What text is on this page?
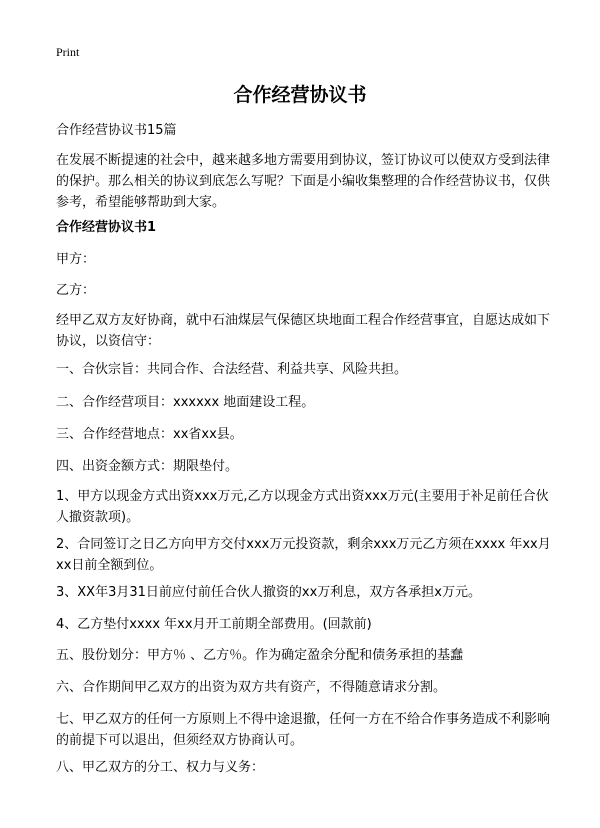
Print
合作经营协议书

合作经营协议书15篇

在发展不断提速的社会中，越来越多地方需要用到协议，签订协议可以使双方受到法律的保护。那么相关的协议到底怎么写呢？下面是小编收集整理的合作经营协议书，仅供参考，希望能够帮助到大家。

合作经营协议书1

甲方：

乙方：

经甲乙双方友好协商，就中石油煤层气保德区块地面工程合作经营事宜，自愿达成如下协议，以资信守：

一、合伙宗旨：共同合作、合法经营、利益共享、风险共担。

二、合作经营项目：xxxxxx 地面建设工程。

三、合作经营地点：xx省xx县。

四、出资金额方式：期限垫付。

1、甲方以现金方式出资xxx万元,乙方以现金方式出资xxx万元(主要用于补足前任合伙人撤资款项)。

2、合同签订之日乙方向甲方交付xxx万元投资款，剩余xxx万元乙方须在xxxx 年xx月xx日前全额到位。

3、XX年3月31日前应付前任合伙人撤资的xx万利息，双方各承担x万元。

4、乙方垫付xxxx 年xx月开工前期全部费用。(回款前)

五、股份划分：甲方％ 、乙方％。作为确定盈余分配和债务承担的基蠢

六、合作期间甲乙双方的出资为双方共有资产，不得随意请求分割。

七、甲乙双方的任何一方原则上不得中途退撤，任何一方在不给合作事务造成不利影响的前提下可以退出，但须经双方协商认可。

八、甲乙双方的分工、权力与义务：
